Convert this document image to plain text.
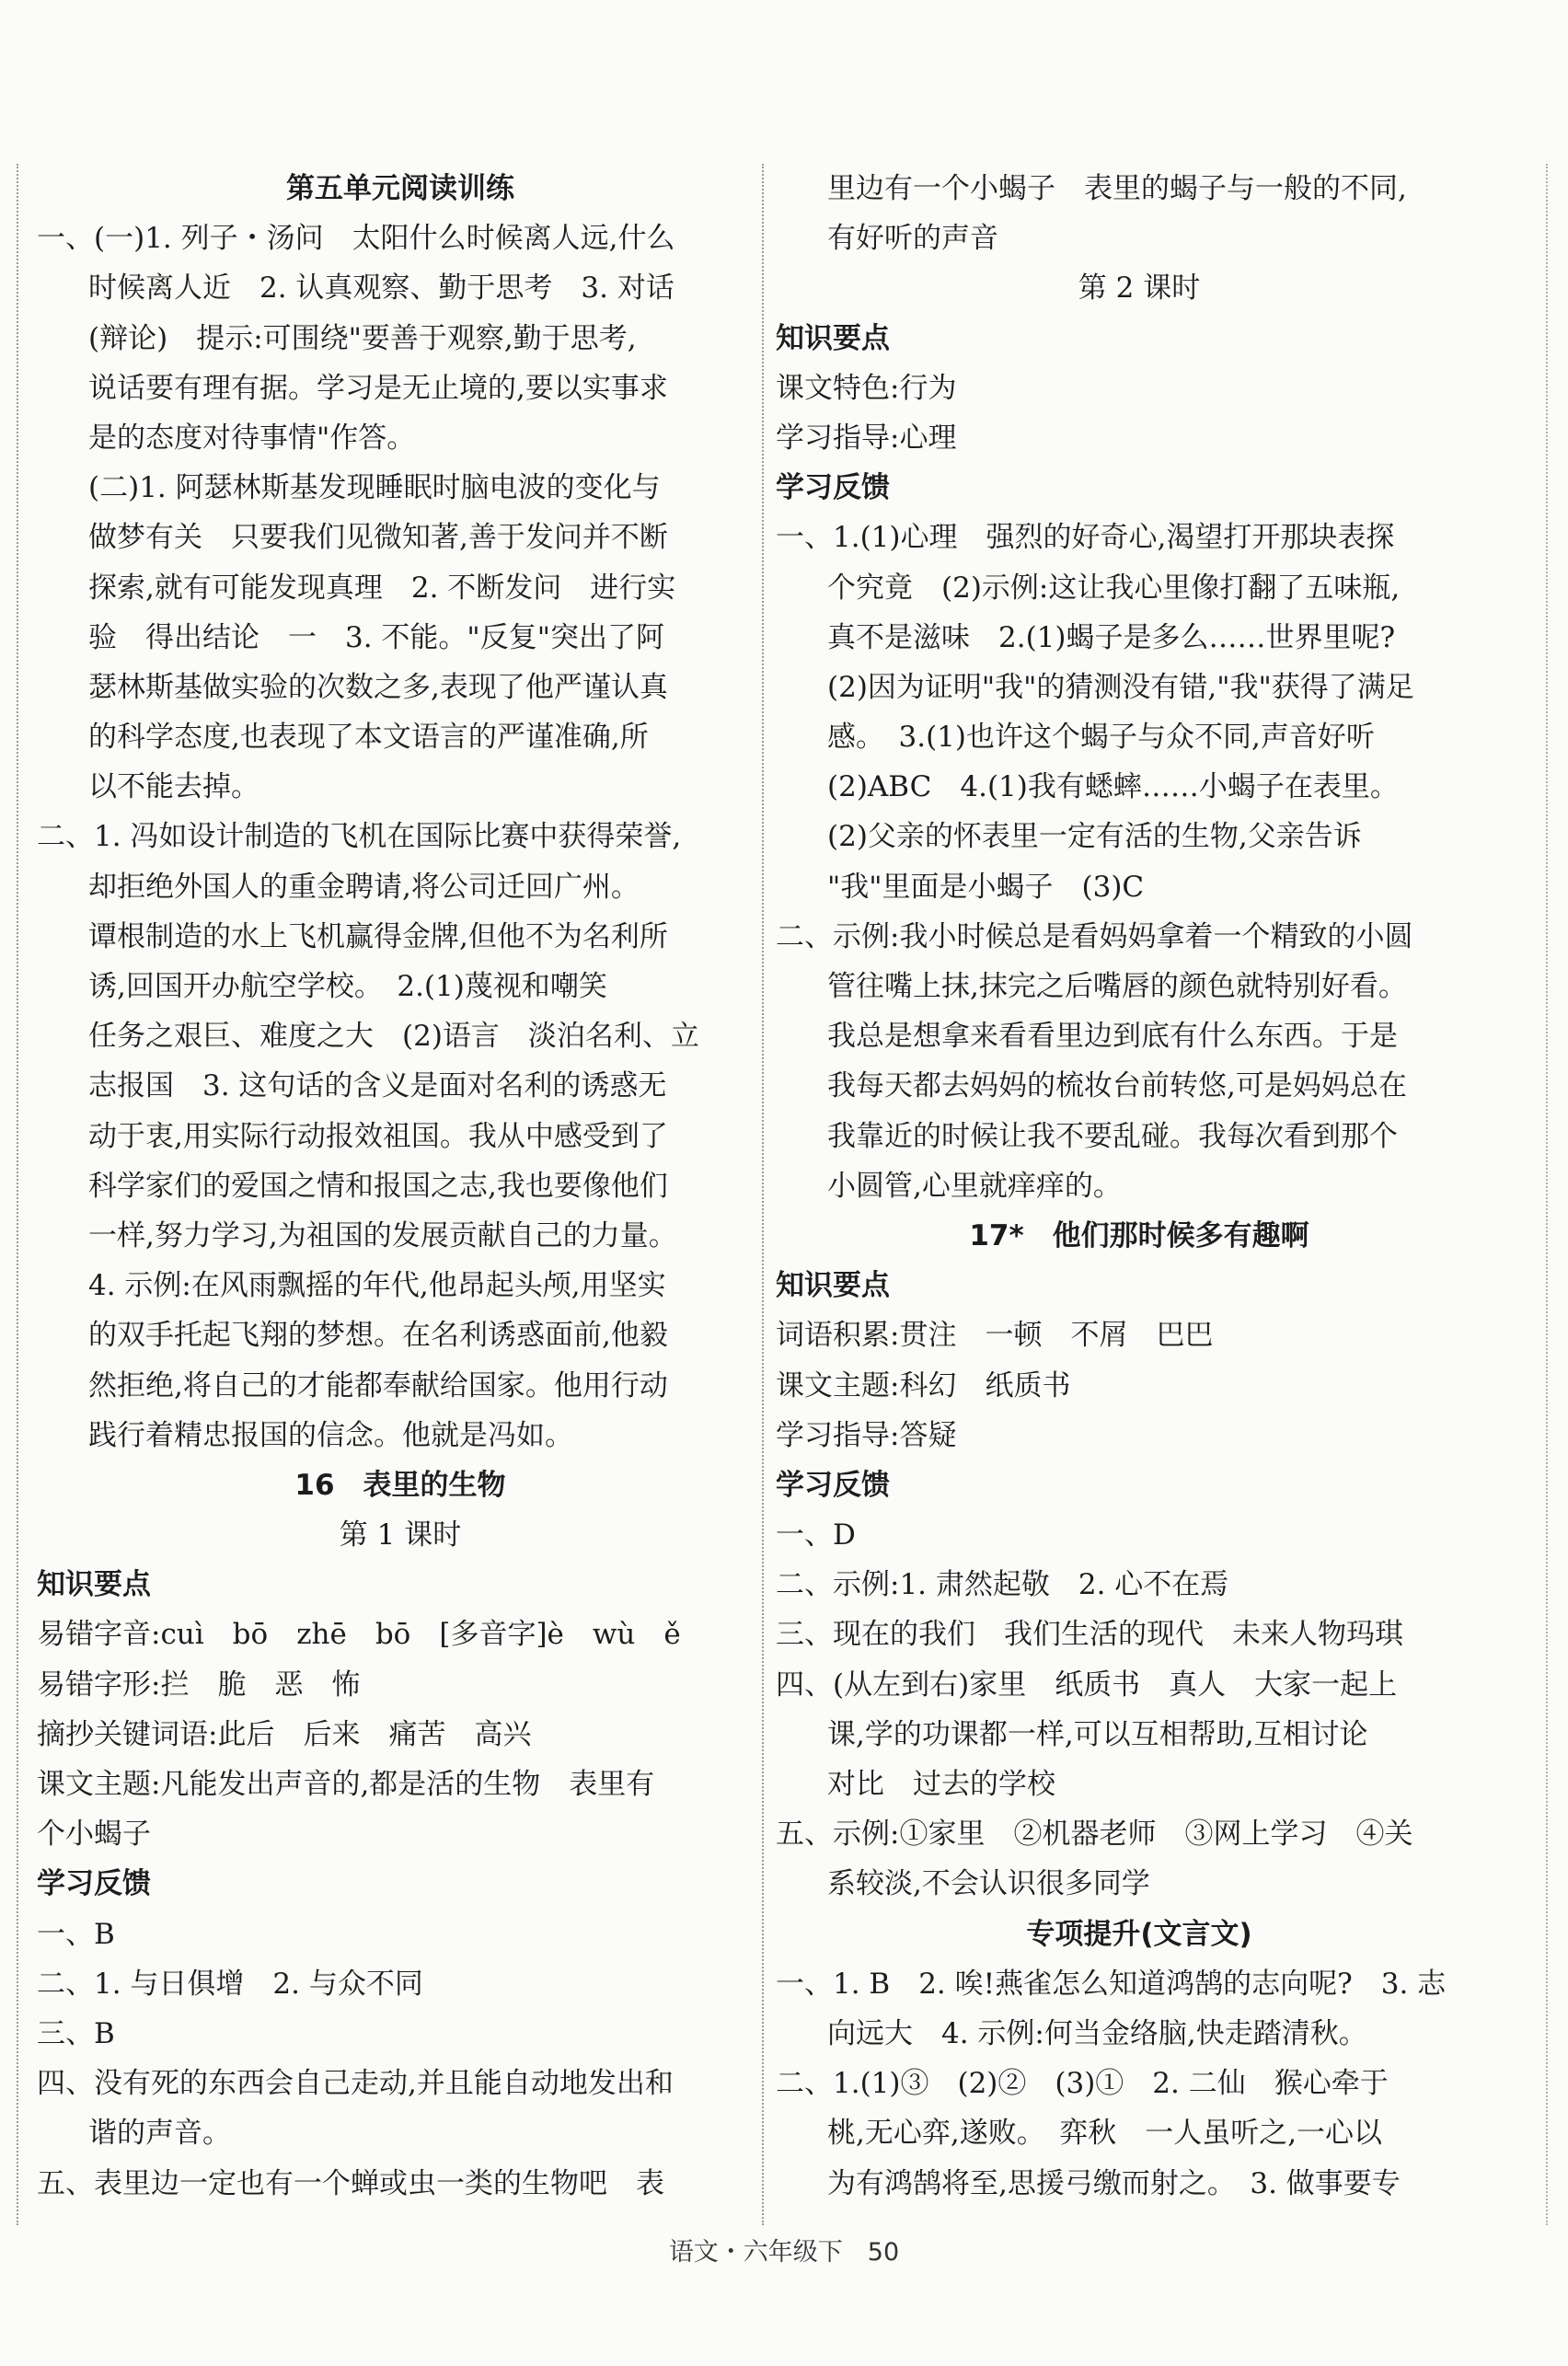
第五单元阅读训练
一、(一)1. 列子・汤问　太阳什么时候离人远,什么
时候离人近　2. 认真观察、勤于思考　3. 对话
(辩论)　提示:可围绕"要善于观察,勤于思考,
说话要有理有据。学习是无止境的,要以实事求
是的态度对待事情"作答。
(二)1. 阿瑟林斯基发现睡眠时脑电波的变化与
做梦有关　只要我们见微知著,善于发问并不断
探索,就有可能发现真理　2. 不断发问　进行实
验　得出结论　一　3. 不能。"反复"突出了阿
瑟林斯基做实验的次数之多,表现了他严谨认真
的科学态度,也表现了本文语言的严谨准确,所
以不能去掉。
二、1. 冯如设计制造的飞机在国际比赛中获得荣誉,
却拒绝外国人的重金聘请,将公司迁回广州。
谭根制造的水上飞机赢得金牌,但他不为名利所
诱,回国开办航空学校。　2.(1)蔑视和嘲笑
任务之艰巨、难度之大　(2)语言　淡泊名利、立
志报国　3. 这句话的含义是面对名利的诱惑无
动于衷,用实际行动报效祖国。我从中感受到了
科学家们的爱国之情和报国之志,我也要像他们
一样,努力学习,为祖国的发展贡献自己的力量。
4. 示例:在风雨飘摇的年代,他昂起头颅,用坚实
的双手托起飞翔的梦想。在名利诱惑面前,他毅
然拒绝,将自己的才能都奉献给国家。他用行动
践行着精忠报国的信念。他就是冯如。
16　表里的生物
第 1 课时
知识要点
易错字音:cuì　bō　zhē　bō　[多音字]è　wù　ě
易错字形:拦　脆　恶　怖
摘抄关键词语:此后　后来　痛苦　高兴
课文主题:凡能发出声音的,都是活的生物　表里有
个小蝎子
学习反馈
一、B
二、1. 与日俱增　2. 与众不同
三、B
四、没有死的东西会自己走动,并且能自动地发出和
谐的声音。
五、表里边一定也有一个蝉或虫一类的生物吧　表
里边有一个小蝎子　表里的蝎子与一般的不同,
有好听的声音
第 2 课时
知识要点
课文特色:行为
学习指导:心理
学习反馈
一、1.(1)心理　强烈的好奇心,渴望打开那块表探
个究竟　(2)示例:这让我心里像打翻了五味瓶,
真不是滋味　2.(1)蝎子是多么……世界里呢?
(2)因为证明"我"的猜测没有错,"我"获得了满足
感。　3.(1)也许这个蝎子与众不同,声音好听
(2)ABC　4.(1)我有蟋蟀……小蝎子在表里。
(2)父亲的怀表里一定有活的生物,父亲告诉
"我"里面是小蝎子　(3)C
二、示例:我小时候总是看妈妈拿着一个精致的小圆
管往嘴上抹,抹完之后嘴唇的颜色就特别好看。
我总是想拿来看看里边到底有什么东西。于是
我每天都去妈妈的梳妆台前转悠,可是妈妈总在
我靠近的时候让我不要乱碰。我每次看到那个
小圆管,心里就痒痒的。
17*　他们那时候多有趣啊
知识要点
词语积累:贯注　一顿　不屑　巴巴
课文主题:科幻　纸质书
学习指导:答疑
学习反馈
一、D
二、示例:1. 肃然起敬　2. 心不在焉
三、现在的我们　我们生活的现代　未来人物玛琪
四、(从左到右)家里　纸质书　真人　大家一起上
课,学的功课都一样,可以互相帮助,互相讨论
对比　过去的学校
五、示例:①家里　②机器老师　③网上学习　④关
系较淡,不会认识很多同学
专项提升(文言文)
一、1. B　2. 唉!燕雀怎么知道鸿鹄的志向呢?　3. 志
向远大　4. 示例:何当金络脑,快走踏清秋。
二、1.(1)③　(2)②　(3)①　2. 二仙　猴心牵于
桃,无心弈,遂败。　弈秋　一人虽听之,一心以
为有鸿鹄将至,思援弓缴而射之。　3. 做事要专
语文・六年级下　50
